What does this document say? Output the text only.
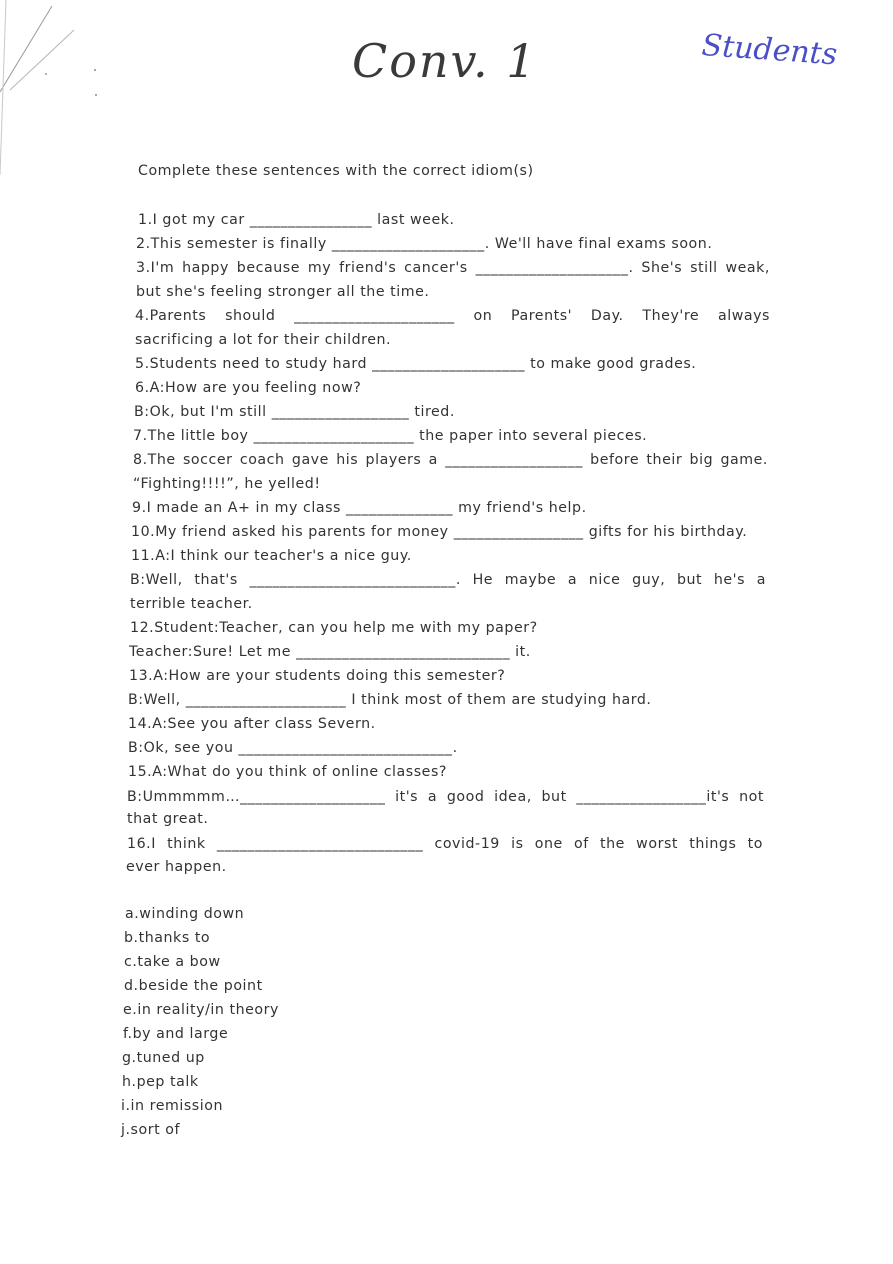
Conv. 1	Students
Complete these sentences with the correct idiom(s)
1.I got my car ________________ last week.
2.This semester is finally ____________________. We'll have final exams soon.
3.I'm happy because my friend's cancer's ____________________. She's still weak,
but she's feeling stronger all the time.
4.Parents should _____________________ on Parents' Day. They're always
sacrificing a lot for their children.
5.Students need to study hard ____________________ to make good grades.
6.A:How are you feeling now?
B:Ok, but I'm still __________________ tired.
7.The little boy _____________________ the paper into several pieces.
8.The soccer coach gave his players a __________________ before their big game.
“Fighting!!!!”, he yelled!
9.I made an A+ in my class ______________ my friend's help.
10.My friend asked his parents for money _________________ gifts for his birthday.
11.A:I think our teacher's a nice guy.
B:Well, that's ___________________________. He maybe a nice guy, but he's a
terrible teacher.
12.Student:Teacher, can you help me with my paper?
Teacher:Sure! Let me ____________________________ it.
13.A:How are your students doing this semester?
B:Well, _____________________ I think most of them are studying hard.
14.A:See you after class Severn.
B:Ok, see you ____________________________.
15.A:What do you think of online classes?
B:Ummmmm…___________________ it's a good idea, but _________________it's not
that great.
16.I think ___________________________ covid-19 is one of the worst things to
ever happen.
a.winding down
b.thanks to
c.take a bow
d.beside the point
e.in reality/in theory
f.by and large
g.tuned up
h.pep talk
i.in remission
j.sort of
